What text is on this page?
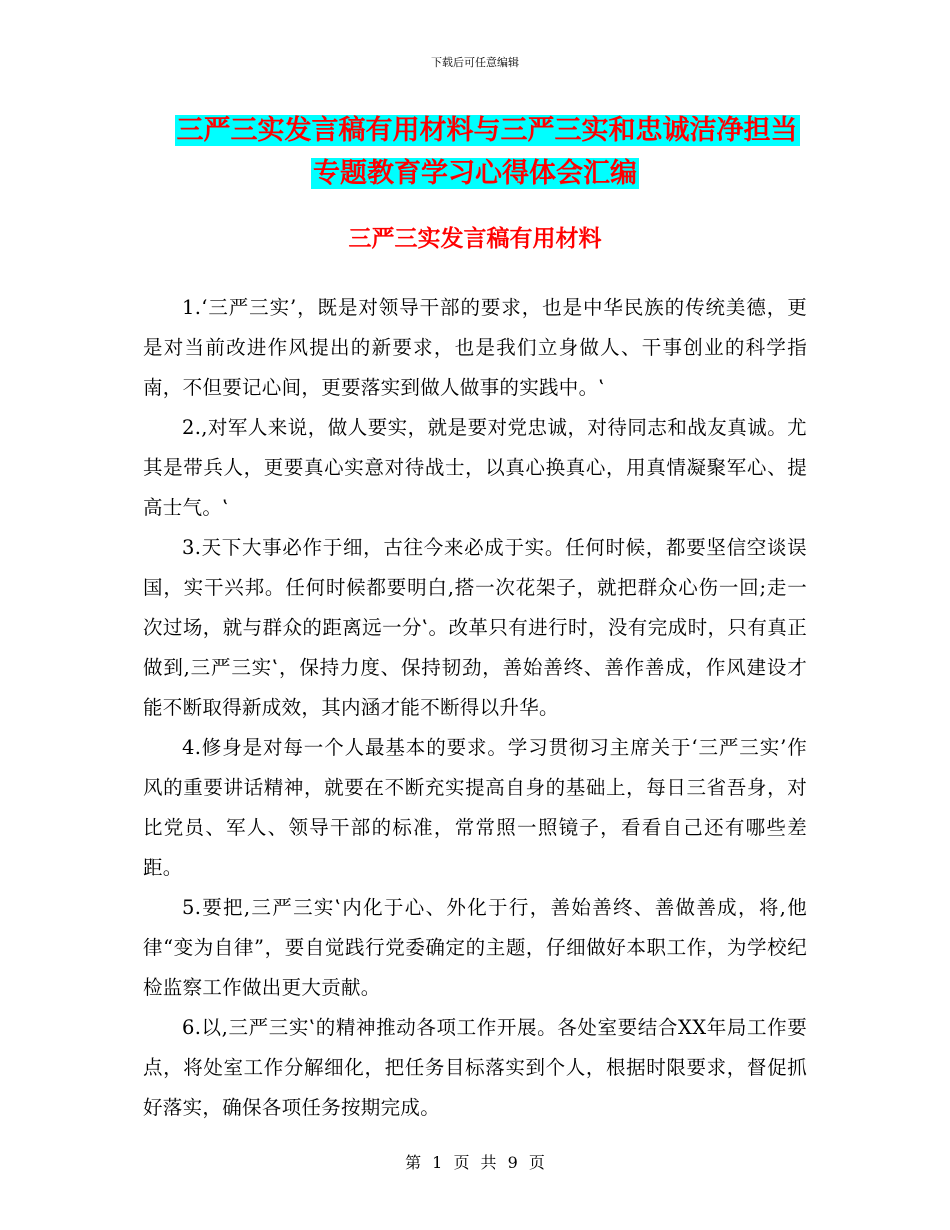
下载后可任意编辑
三严三实发言稿有用材料与三严三实和忠诚洁净担当
专题教育学习心得体会汇编
三严三实发言稿有用材料

1.‘三严三实’，既是对领导干部的要求，也是中华民族的传统美德，更是对当前改进作风提出的新要求，也是我们立身做人、干事创业的科学指南，不但要记心间，更要落实到做人做事的实践中。‛

2.,对军人来说，做人要实，就是要对党忠诚，对待同志和战友真诚。尤其是带兵人，更要真心实意对待战士，以真心换真心，用真情凝聚军心、提高士气。‛

3.天下大事必作于细，古往今来必成于实。任何时候，都要坚信空谈误国，实干兴邦。任何时候都要明白,搭一次花架子，就把群众心伤一回;走一次过场，就与群众的距离远一分‛。改革只有进行时，没有完成时，只有真正做到,三严三实‛，保持力度、保持韧劲，善始善终、善作善成，作风建设才能不断取得新成效，其内涵才能不断得以升华。

4.修身是对每一个人最基本的要求。学习贯彻习主席关于‘三严三实’作风的重要讲话精神，就要在不断充实提高自身的基础上，每日三省吾身，对比党员、军人、领导干部的标准，常常照一照镜子，看看自己还有哪些差距。

5.要把,三严三实‛内化于心、外化于行，善始善终、善做善成，将,他律“变为自律”，要自觉践行党委确定的主题，仔细做好本职工作，为学校纪检监察工作做出更大贡献。

6.以,三严三实‛的精神推动各项工作开展。各处室要结合XX年局工作要点，将处室工作分解细化，把任务目标落实到个人，根据时限要求，督促抓好落实，确保各项任务按期完成。

第 1 页 共 9 页
